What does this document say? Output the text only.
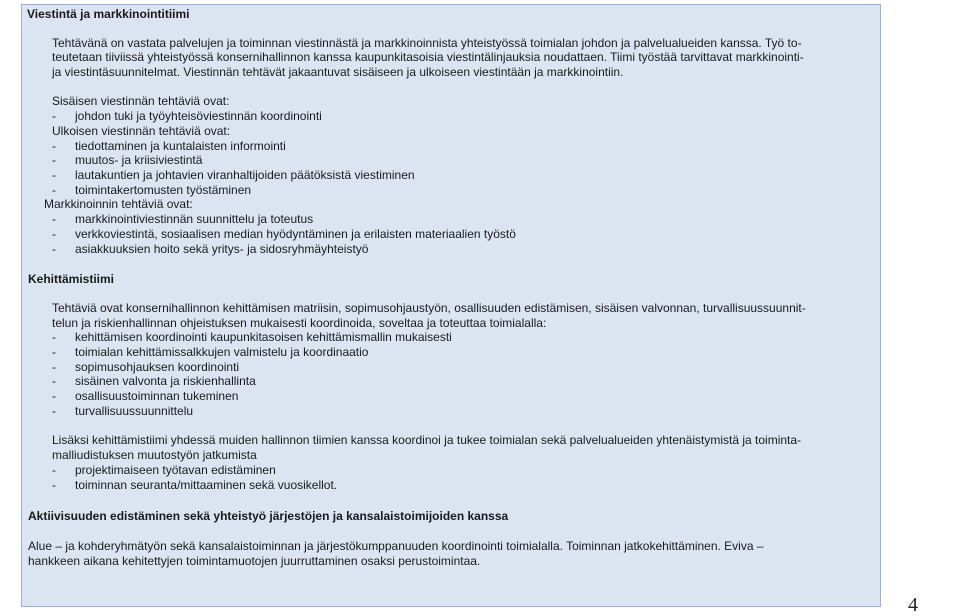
Viestintä ja markkinointitiimi
Tehtävänä on vastata palvelujen ja toiminnan viestinnästä ja markkinoinnista yhteistyössä toimialan johdon ja palvelualueiden kanssa. Työ to-
teutetaan tiiviissä yhteistyössä konsernihallinnon kanssa kaupunkitasoisia viestintälinjauksia noudattaen. Tiimi työstää tarvittavat markkinointi-
ja viestintäsuunnitelmat. Viestinnän tehtävät jakaantuvat sisäiseen ja ulkoiseen viestintään ja markkinointiin.
Sisäisen viestinnän tehtäviä ovat:
- johdon tuki ja työyhteisöviestinnän koordinointi
Ulkoisen viestinnän tehtäviä ovat:
- tiedottaminen ja kuntalaisten informointi
- muutos- ja kriisiviestintä
- lautakuntien ja johtavien viranhaltijoiden päätöksistä viestiminen
- toimintakertomusten työstäminen
Markkinoinnin tehtäviä ovat:
- markkinointiviestinnän suunnittelu ja toteutus
- verkkoviestintä, sosiaalisen median hyödyntäminen ja erilaisten materiaalien työstö
- asiakkuuksien hoito sekä yritys- ja sidosryhmäyhteistyö
Kehittämistiimi
Tehtäviä ovat konsernihallinnon kehittämisen matriisin, sopimusohjaustyön, osallisuuden edistämisen, sisäisen valvonnan, turvallisuussuunnit-
telun ja riskienhallinnan ohjeistuksen mukaisesti koordinoida, soveltaa ja toteuttaa toimialalla:
- kehittämisen koordinointi kaupunkitasoisen kehittämismallin mukaisesti
- toimialan kehittämissalkkujen valmistelu ja koordinaatio
- sopimusohjauksen koordinointi
- sisäinen valvonta ja riskienhallinta
- osallisuustoiminnan tukeminen
- turvallisuussuunnittelu
Lisäksi kehittämistiimi yhdessä muiden hallinnon tiimien kanssa koordinoi ja tukee toimialan sekä palvelualueiden yhtenäistymistä ja toiminta-
malliudistuksen muutostyön jatkumista
- projektimaiseen työtavan edistäminen
- toiminnan seuranta/mittaaminen sekä vuosikellot.
Aktiivisuuden edistäminen sekä yhteistyö järjestöjen ja kansalaistoimijoiden kanssa
Alue – ja kohderyhmätyön sekä kansalaistoiminnan ja järjestökumppanuuden koordinointi toimialalla. Toiminnan jatkokehittäminen. Eviva –
hankkeen aikana kehitettyjen toimintamuotojen juurruttaminen osaksi perustoimintaa.
4
